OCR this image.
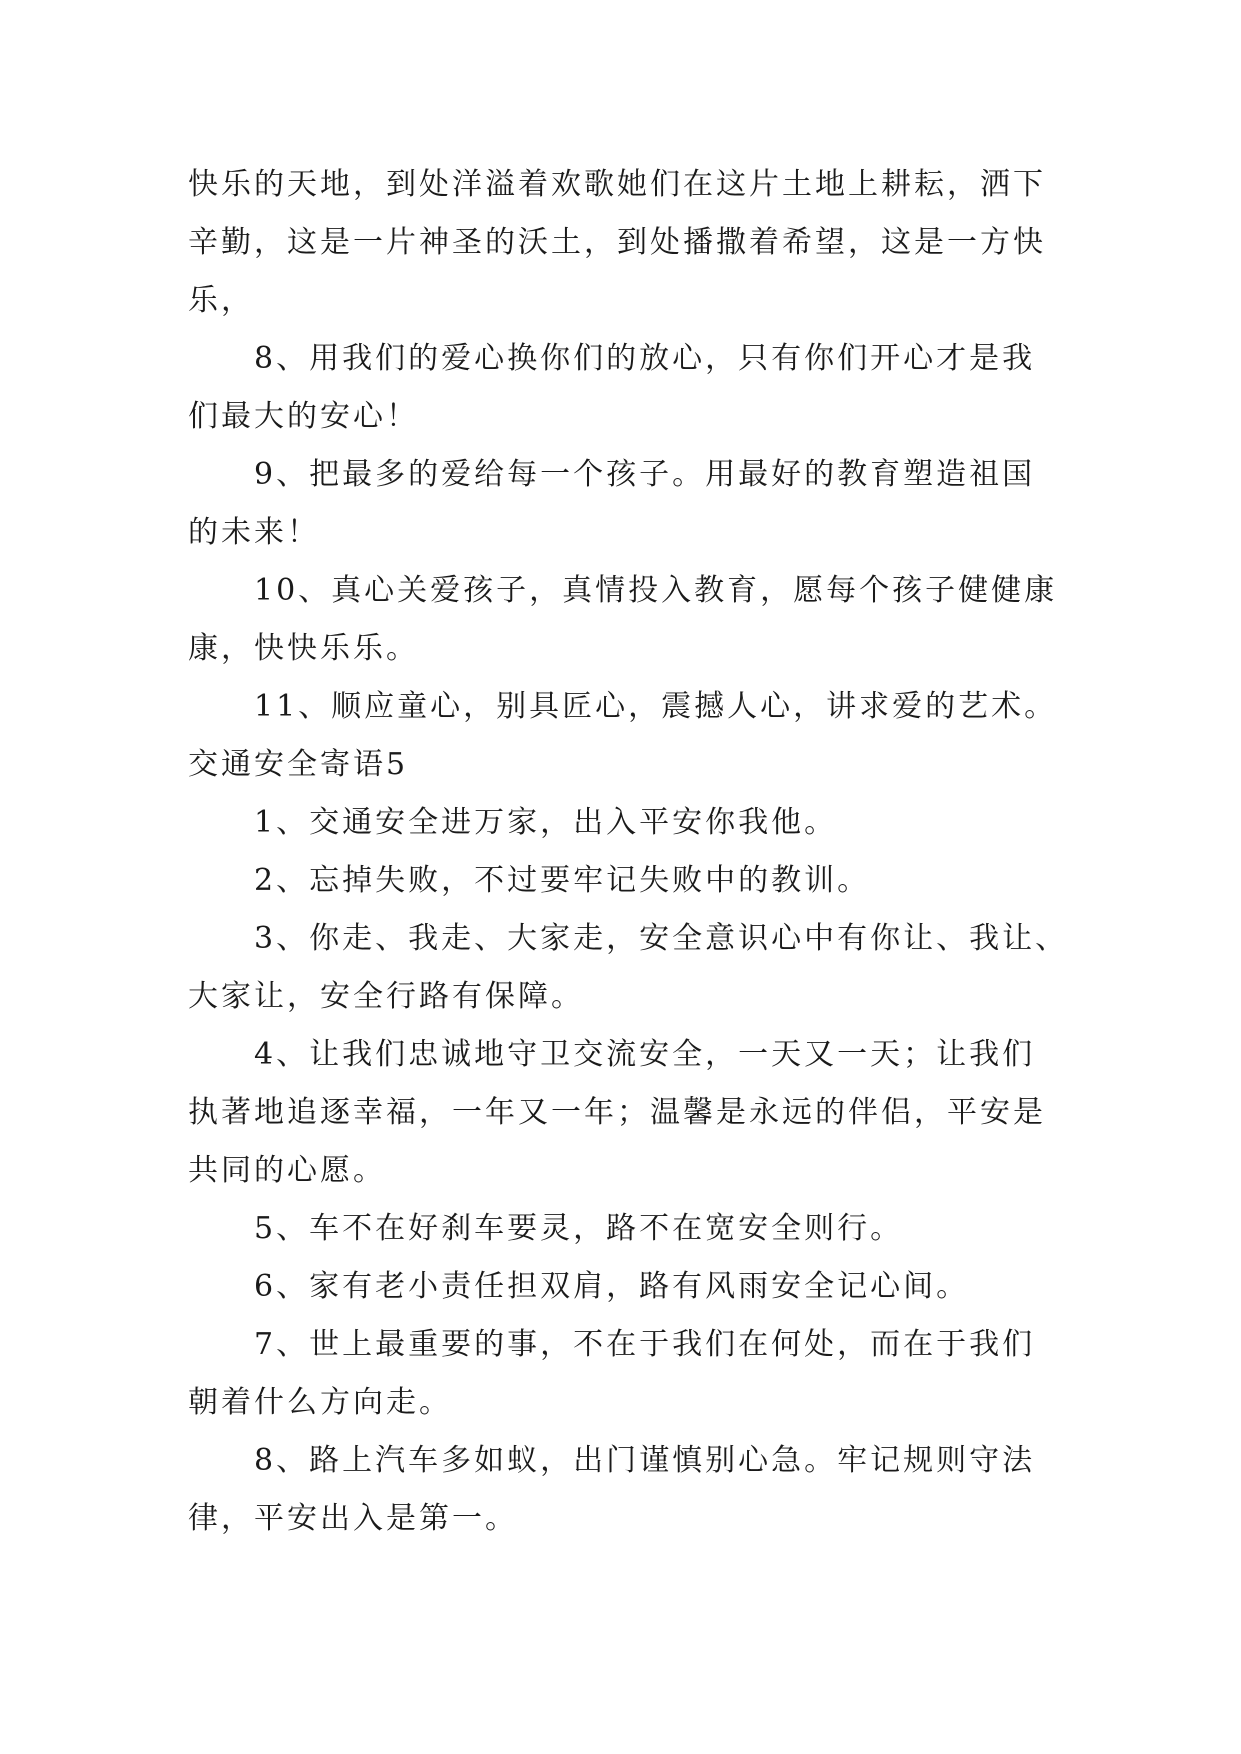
快乐的天地，到处洋溢着欢歌她们在这片土地上耕耘，洒下
辛勤，这是一片神圣的沃土，到处播撒着希望，这是一方快
乐，
8、用我们的爱心换你们的放心，只有你们开心才是我
们最大的安心！
9、把最多的爱给每一个孩子。用最好的教育塑造祖国
的未来！
10、真心关爱孩子，真情投入教育，愿每个孩子健健康
康，快快乐乐。
11、顺应童心，别具匠心，震撼人心，讲求爱的艺术。
交通安全寄语5
1、交通安全进万家，出入平安你我他。
2、忘掉失败，不过要牢记失败中的教训。
3、你走、我走、大家走，安全意识心中有你让、我让、
大家让，安全行路有保障。
4、让我们忠诚地守卫交流安全，一天又一天；让我们
执著地追逐幸福，一年又一年；温馨是永远的伴侣，平安是
共同的心愿。
5、车不在好刹车要灵，路不在宽安全则行。
6、家有老小责任担双肩，路有风雨安全记心间。
7、世上最重要的事，不在于我们在何处，而在于我们
朝着什么方向走。
8、路上汽车多如蚁，出门谨慎别心急。牢记规则守法
律，平安出入是第一。
